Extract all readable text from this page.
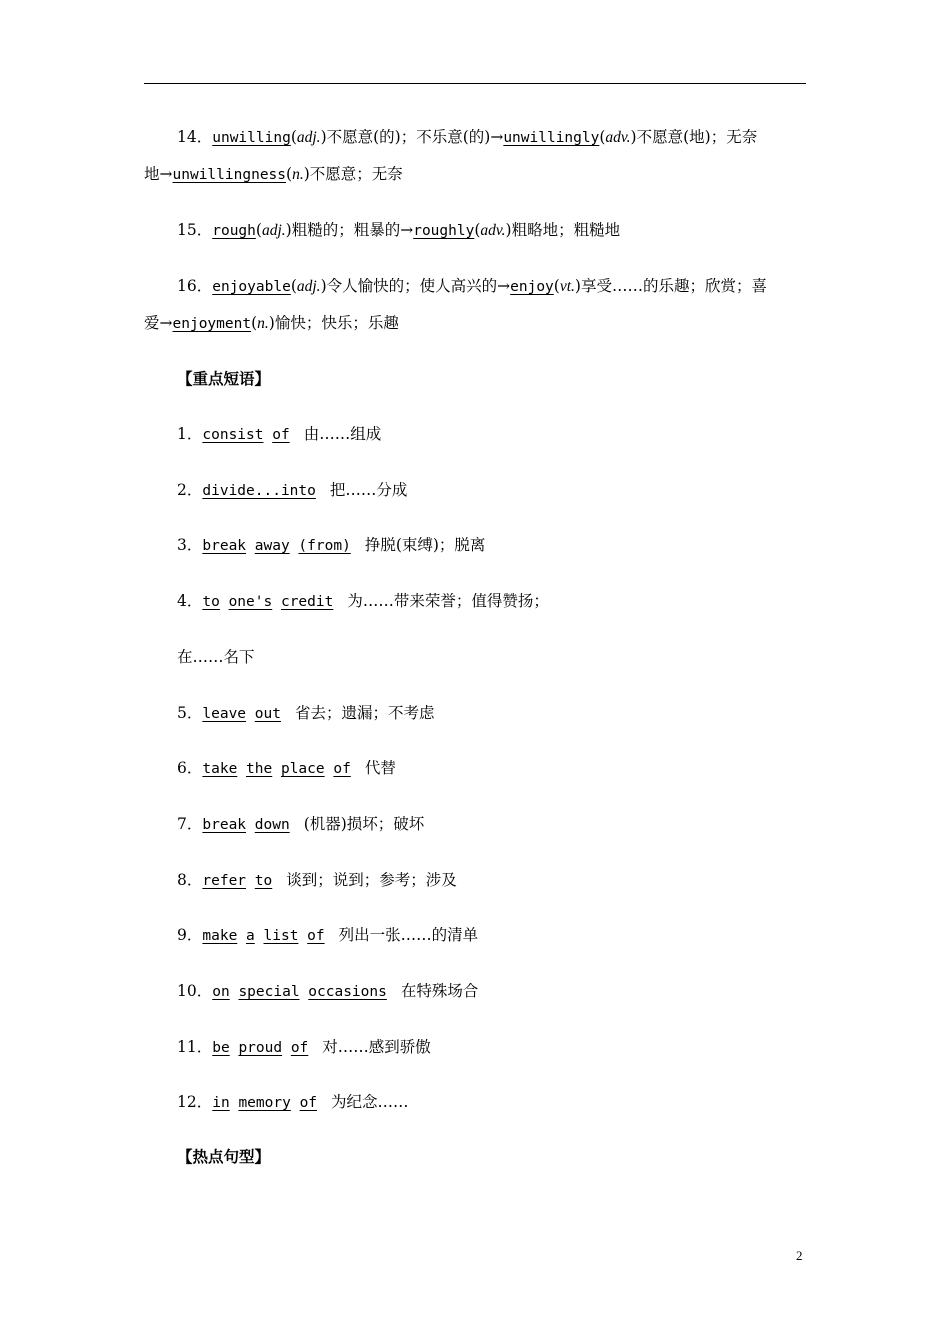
14．unwilling(adj.)不愿意(的)；不乐意(的)→unwillingly(adv.)不愿意(地)；无奈
地→unwillingness(n.)不愿意；无奈
15．rough(adj.)粗糙的；粗暴的→roughly(adv.)粗略地；粗糙地
16．enjoyable(adj.)令人愉快的；使人高兴的→enjoy(vt.)享受……的乐趣；欣赏；喜
爱→enjoyment(n.)愉快；快乐；乐趣
【重点短语】
1．consist of 由……组成
2．divide...into 把……分成
3．break away (from) 挣脱(束缚)；脱离
4．to one's credit 为……带来荣誉；值得赞扬；
在……名下
5．leave out 省去；遗漏；不考虑
6．take the place of 代替
7．break down (机器)损坏；破坏
8．refer to 谈到；说到；参考；涉及
9．make a list of 列出一张……的清单
10．on special occasions 在特殊场合
11．be proud of 对……感到骄傲
12．in memory of 为纪念……
【热点句型】
2
